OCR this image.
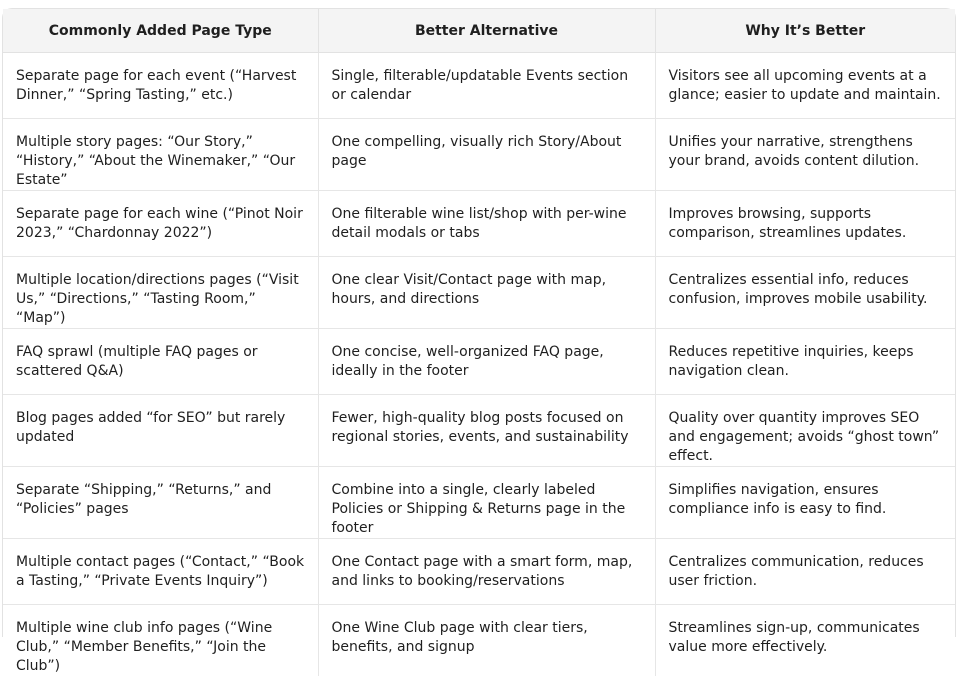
Commonly Added Page Type	Better Alternative	Why It’s Better
Separate page for each event (“Harvest Dinner,” “Spring Tasting,” etc.)	Single, filterable/updatable Events section or calendar	Visitors see all upcoming events at a glance; easier to update and maintain.
Multiple story pages: “Our Story,” “History,” “About the Winemaker,” “Our Estate”	One compelling, visually rich Story/About page	Unifies your narrative, strengthens your brand, avoids content dilution.
Separate page for each wine (“Pinot Noir 2023,” “Chardonnay 2022”)	One filterable wine list/shop with per-wine detail modals or tabs	Improves browsing, supports comparison, streamlines updates.
Multiple location/directions pages (“Visit Us,” “Directions,” “Tasting Room,” “Map”)	One clear Visit/Contact page with map, hours, and directions	Centralizes essential info, reduces confusion, improves mobile usability.
FAQ sprawl (multiple FAQ pages or scattered Q&A)	One concise, well-organized FAQ page, ideally in the footer	Reduces repetitive inquiries, keeps navigation clean.
Blog pages added “for SEO” but rarely updated	Fewer, high-quality blog posts focused on regional stories, events, and sustainability	Quality over quantity improves SEO and engagement; avoids “ghost town” effect.
Separate “Shipping,” “Returns,” and “Policies” pages	Combine into a single, clearly labeled Policies or Shipping & Returns page in the footer	Simplifies navigation, ensures compliance info is easy to find.
Multiple contact pages (“Contact,” “Book a Tasting,” “Private Events Inquiry”)	One Contact page with a smart form, map, and links to booking/reservations	Centralizes communication, reduces user friction.
Multiple wine club info pages (“Wine Club,” “Member Benefits,” “Join the Club”)	One Wine Club page with clear tiers, benefits, and signup	Streamlines sign-up, communicates value more effectively.
